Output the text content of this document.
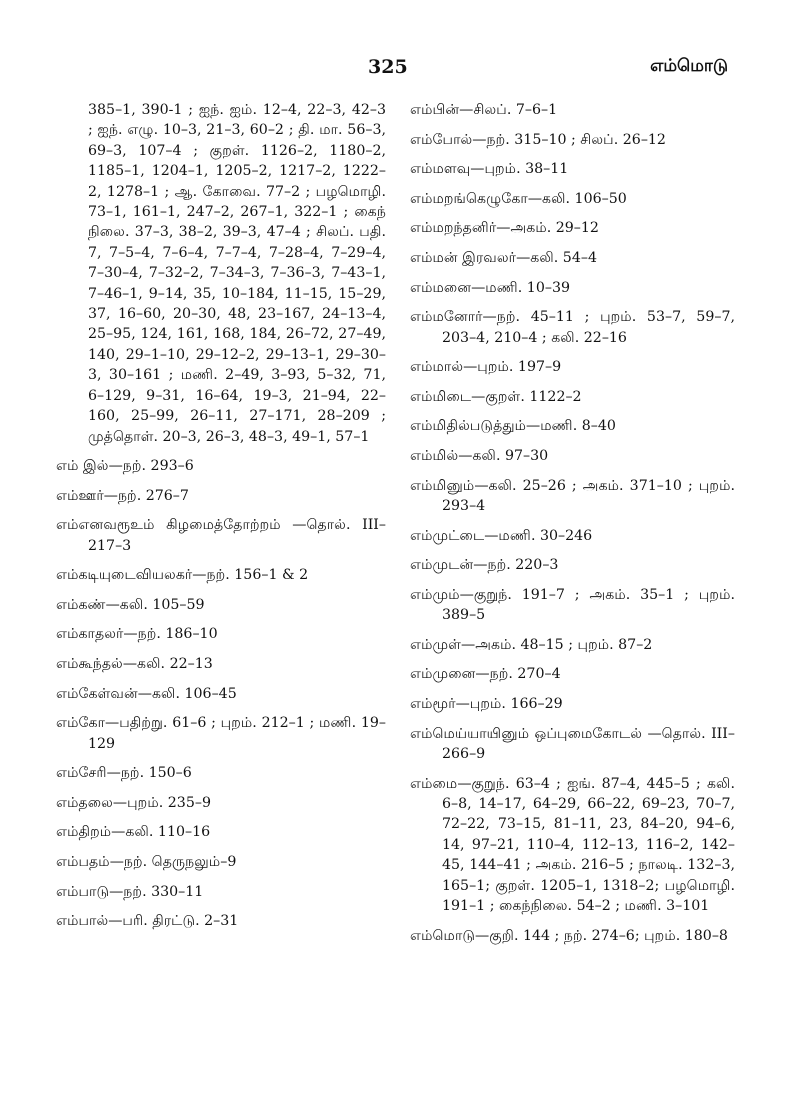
325	எம்மொடு

385–1, 390-1 ; ஐந். ஐம். 12–4, 22–3, 42–3 ; ஐந். எழு. 10–3, 21–3, 60–2 ; தி. மா. 56–3, 69–3, 107–4 ; குறள். 1126–2, 1180–2, 1185–1, 1204–1, 1205–2, 1217–2, 1222–2, 1278–1 ; ஆ. கோவை. 77–2 ; பழமொழி. 73–1, 161–1, 247–2, 267–1, 322–1 ; கைந் நிலை. 37–3, 38–2, 39–3, 47–4 ; சிலப். பதி. 7, 7–5–4, 7–6–4, 7–7–4, 7–28–4, 7–29–4, 7–30–4, 7–32–2, 7–34–3, 7–36–3, 7–43–1, 7–46–1, 9–14, 35, 10–184, 11–15, 15–29, 37, 16–60, 20–30, 48, 23–167, 24–13–4, 25–95, 124, 161, 168, 184, 26–72, 27–49, 140, 29–1–10, 29–12–2, 29–13–1, 29–30–3, 30–161 ; மணி. 2–49, 3–93, 5–32, 71, 6–129, 9–31, 16–64, 19–3, 21–94, 22–160, 25–99, 26–11, 27–171, 28–209 ; முத்தொள். 20–3, 26–3, 48–3, 49–1, 57–1

எம் இல்—நற். 293–6

எம்ஊர்—நற். 276–7

எம்எனவரூஉம் கிழமைத்தோற்றம் —தொல். III–217–3

எம்கடியுடைவியலகர்—நற். 156–1 & 2

எம்கண்—கலி. 105–59

எம்காதலர்—நற். 186–10

எம்கூந்தல்—கலி. 22–13

எம்கேள்வன்—கலி. 106–45

எம்கோ—பதிற்று. 61–6 ; புறம். 212–1 ; மணி. 19–129

எம்சேரி—நற். 150–6

எம்தலை—புறம். 235–9

எம்திறம்—கலி. 110–16

எம்பதம்—நற். தெருநலும்–9

எம்பாடு—நற். 330–11

எம்பால்—பரி. திரட்டு. 2–31

எம்பின்—சிலப். 7–6–1

எம்போல்—நற். 315–10 ; சிலப். 26–12

எம்மளவு—புறம். 38–11

எம்மறங்கெழுகோ—கலி. 106–50

எம்மறந்தனிர்—அகம். 29–12

எம்மன் இரவலர்—கலி. 54–4

எம்மனை—மணி. 10–39

எம்மனோர்—நற். 45–11 ; புறம். 53–7, 59–7, 203–4, 210–4 ; கலி. 22–16

எம்மால்—புறம். 197–9

எம்மிடை—குறள். 1122–2

எம்மிதில்படுத்தும்—மணி. 8–40

எம்மில்—கலி. 97–30

எம்மினும்—கலி. 25–26 ; அகம். 371–10 ; புறம். 293–4

எம்முட்டை—மணி. 30–246

எம்முடன்—நற். 220–3

எம்மும்—குறுந். 191–7 ; அகம். 35–1 ; புறம். 389–5

எம்முள்—அகம். 48–15 ; புறம். 87–2

எம்முனை—நற். 270–4

எம்மூர்—புறம். 166–29

எம்மெய்யாயினும் ஒப்புமைகோடல் —தொல். III–266–9

எம்மை—குறுந். 63–4 ; ஐங். 87–4, 445–5 ; கலி. 6–8, 14–17, 64–29, 66–22, 69–23, 70–7, 72–22, 73–15, 81–11, 23, 84–20, 94–6, 14, 97–21, 110–4, 112–13, 116–2, 142–45, 144–41 ; அகம். 216–5 ; நாலடி. 132–3, 165–1; குறள். 1205–1, 1318–2; பழமொழி. 191–1 ; கைந்நிலை. 54–2 ; மணி. 3–101

எம்மொடு—குறி. 144 ; நற். 274–6; புறம். 180–8
